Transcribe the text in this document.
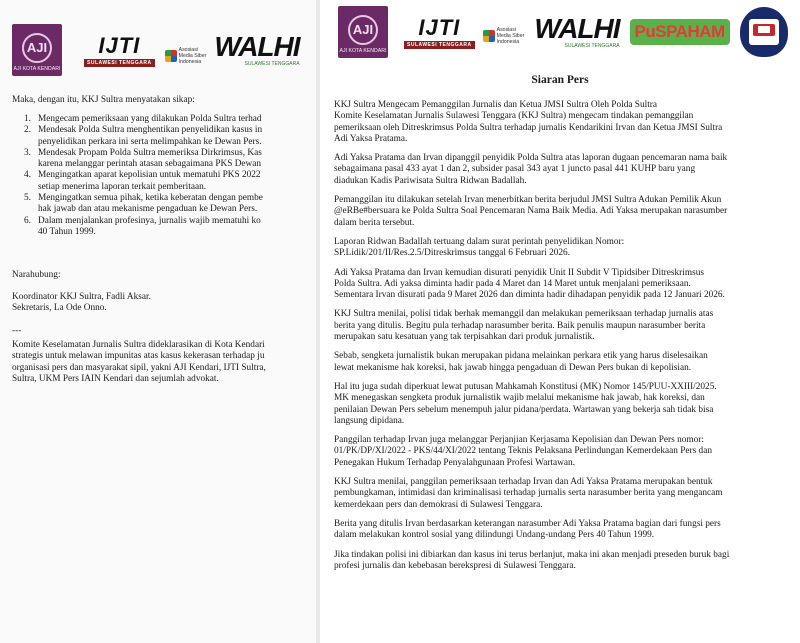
AJI
AJI KOTA KENDARI
IJTI
SULAWESI TENGGARA
Asosiasi
Media Siber
Indonesia WALHI
SULAWESI TENGGARA

Maka, dengan itu, KKJ Sultra menyatakan sikap:

1. Mengecam pemeriksaan yang dilakukan Polda Sultra terhad
2. Mendesak Polda Sultra menghentikan penyelidikan kasus in
penyelidikan perkara ini serta melimpahkan ke Dewan Pers.
3. Mendesak Propam Polda Sultra memeriksa Dirkrimsus, Kas
karena melanggar perintah atasan sebagaimana PKS Dewan
4. Mengingatkan aparat kepolisian untuk mematuhi PKS 2022
setiap menerima laporan terkait pemberitaan.
5. Mengingatkan semua pihak, ketika keberatan dengan pembe
hak jawab dan atau mekanisme pengaduan ke Dewan Pers.
6. Dalam menjalankan profesinya, jurnalis wajib mematuhi ko
40 Tahun 1999.

Narahubung:

Koordinator KKJ Sultra, Fadli Aksar.
Sekretaris, La Ode Onno.

---

Komite Keselamatan Jurnalis Sultra dideklarasikan di Kota Kendari
strategis untuk melawan impunitas atas kasus kekerasan terhadap ju
organisasi pers dan masyarakat sipil, yakni AJI Kendari, IJTI Sultra,
Sultra, UKM Pers IAIN Kendari dan sejumlah advokat.

AJI
AJI KOTA KENDARI
IJTI
SULAWESI TENGGARA
Asosiasi
Media Siber
Indonesia WALHI
SULAWESI TENGGARA
PuSPAHAM
Siaran Pers

KKJ Sultra Mengecam Pemanggilan Jurnalis dan Ketua JMSI Sultra Oleh Polda Sultra
Komite Keselamatan Jurnalis Sulawesi Tenggara (KKJ Sultra) mengecam tindakan pemanggilan
pemeriksaan oleh Ditreskrimsus Polda Sultra terhadap jurnalis Kendarikini Irvan dan Ketua JMSI Sultra
Adi Yaksa Pratama.

Adi Yaksa Pratama dan Irvan dipanggil penyidik Polda Sultra atas laporan dugaan pencemaran nama baik
sebagaimana pasal 433 ayat 1 dan 2, subsider pasal 343 ayat 1 juncto pasal 441 KUHP baru yang
diadukan Kadis Pariwisata Sultra Ridwan Badallah.

Pemanggilan itu dilakukan setelah Irvan menerbitkan berita berjudul JMSI Sultra Adukan Pemilik Akun
@eRBe#bersuara ke Polda Sultra Soal Pencemaran Nama Baik Media. Adi Yaksa merupakan narasumber
dalam berita tersebut.

Laporan Ridwan Badallah tertuang dalam surat perintah penyelidikan Nomor:
SP.Lidik/201/II/Res.2.5/Ditreskrimsus tanggal 6 Februari 2026.

Adi Yaksa Pratama dan Irvan kemudian disurati penyidik Unit II Subdit V Tipidsiber Ditreskrimsus
Polda Sultra. Adi yaksa diminta hadir pada 4 Maret dan 14 Maret untuk menjalani pemeriksaan.
Sementara Irvan disurati pada 9 Maret 2026 dan diminta hadir dihadapan penyidik pada 12 Januari 2026.

KKJ Sultra menilai, polisi tidak berhak memanggil dan melakukan pemeriksaan terhadap jurnalis atas
berita yang ditulis. Begitu pula terhadap narasumber berita. Baik penulis maupun narasumber berita
merupakan satu kesatuan yang tak terpisahkan dari produk jurnalistik.

Sebab, sengketa jurnalistik bukan merupakan pidana melainkan perkara etik yang harus diselesaikan
lewat mekanisme hak koreksi, hak jawab hingga pengaduan di Dewan Pers bukan di kepolisian.

Hal itu juga sudah diperkuat lewat putusan Mahkamah Konstitusi (MK) Nomor 145/PUU-XXIII/2025.
MK menegaskan sengketa produk jurnalistik wajib melalui mekanisme hak jawab, hak koreksi, dan
penilaian Dewan Pers sebelum menempuh jalur pidana/perdata. Wartawan yang bekerja sah tidak bisa
langsung dipidana.

Panggilan terhadap Irvan juga melanggar Perjanjian Kerjasama Kepolisian dan Dewan Pers nomor:
01/PK/DP/XI/2022 - PKS/44/XI/2022 tentang Teknis Pelaksana Perlindungan Kemerdekaan Pers dan
Penegakan Hukum Terhadap Penyalahgunaan Profesi Wartawan.

KKJ Sultra menilai, panggilan pemeriksaan terhadap Irvan dan Adi Yaksa Pratama merupakan bentuk
pembungkaman, intimidasi dan kriminalisasi terhadap jurnalis serta narasumber berita yang mengancam
kemerdekaan pers dan demokrasi di Sulawesi Tenggara.

Berita yang ditulis Irvan berdasarkan keterangan narasumber Adi Yaksa Pratama bagian dari fungsi pers
dalam melakukan kontrol sosial yang dilindungi Undang-undang Pers 40 Tahun 1999.

Jika tindakan polisi ini dibiarkan dan kasus ini terus berlanjut, maka ini akan menjadi preseden buruk bagi
profesi jurnalis dan kebebasan berekspresi di Sulawesi Tenggara.
